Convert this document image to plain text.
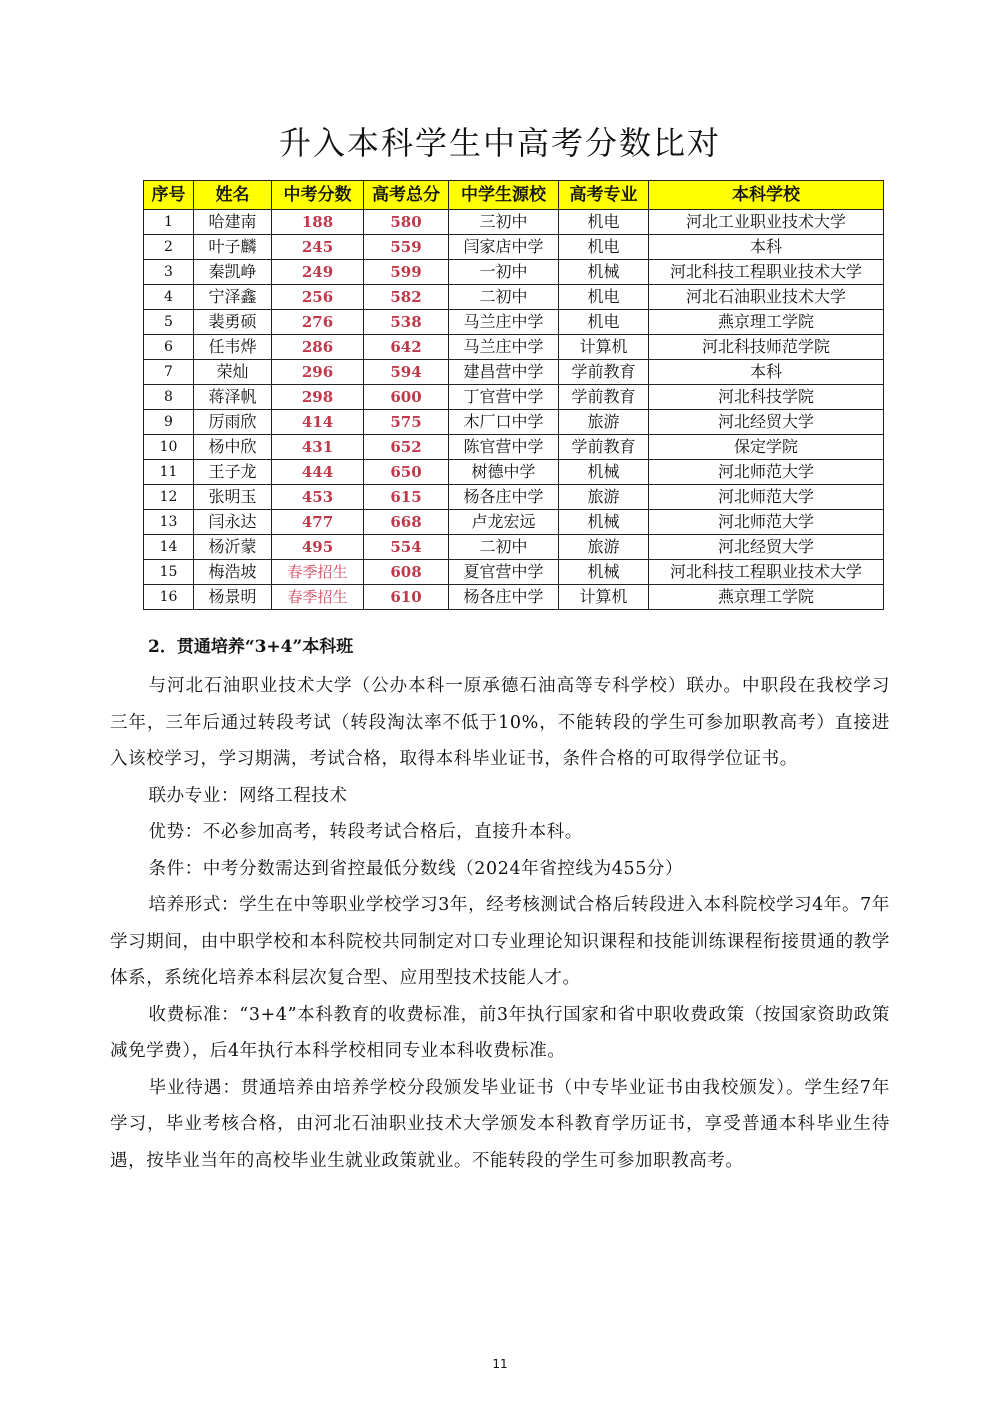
升入本科学生中高考分数比对
序号	姓名	中考分数	高考总分	中学生源校	高考专业	本科学校
1	哈建南	188	580	三初中	机电	河北工业职业技术大学
2	叶子麟	245	559	闫家店中学	机电	本科
3	秦凯峥	249	599	一初中	机械	河北科技工程职业技术大学
4	宁泽鑫	256	582	二初中	机电	河北石油职业技术大学
5	裴勇硕	276	538	马兰庄中学	机电	燕京理工学院
6	任韦烨	286	642	马兰庄中学	计算机	河北科技师范学院
7	荣灿	296	594	建昌营中学	学前教育	本科
8	蒋泽帆	298	600	丁官营中学	学前教育	河北科技学院
9	厉雨欣	414	575	木厂口中学	旅游	河北经贸大学
10	杨中欣	431	652	陈官营中学	学前教育	保定学院
11	王子龙	444	650	树德中学	机械	河北师范大学
12	张明玉	453	615	杨各庄中学	旅游	河北师范大学
13	闫永达	477	668	卢龙宏远	机械	河北师范大学
14	杨沂蒙	495	554	二初中	旅游	河北经贸大学
15	梅浩坡	春季招生	608	夏官营中学	机械	河北科技工程职业技术大学
16	杨景明	春季招生	610	杨各庄中学	计算机	燕京理工学院
2．贯通培养“3+4”本科班

与河北石油职业技术大学（公办本科一原承德石油高等专科学校）联办。中职段在我校学习三年，三年后通过转段考试（转段淘汰率不低于10%，不能转段的学生可参加职教高考）直接进入该校学习，学习期满，考试合格，取得本科毕业证书，条件合格的可取得学位证书。

联办专业：网络工程技术

优势：不必参加高考，转段考试合格后，直接升本科。

条件：中考分数需达到省控最低分数线（2024年省控线为455分）

培养形式：学生在中等职业学校学习3年，经考核测试合格后转段进入本科院校学习4年。7年学习期间，由中职学校和本科院校共同制定对口专业理论知识课程和技能训练课程衔接贯通的教学体系，系统化培养本科层次复合型、应用型技术技能人才。

收费标准：“3+4”本科教育的收费标准，前3年执行国家和省中职收费政策（按国家资助政策减免学费），后4年执行本科学校相同专业本科收费标准。

毕业待遇：贯通培养由培养学校分段颁发毕业证书（中专毕业证书由我校颁发）。学生经7年学习，毕业考核合格，由河北石油职业技术大学颁发本科教育学历证书，享受普通本科毕业生待遇，按毕业当年的高校毕业生就业政策就业。不能转段的学生可参加职教高考。

11
